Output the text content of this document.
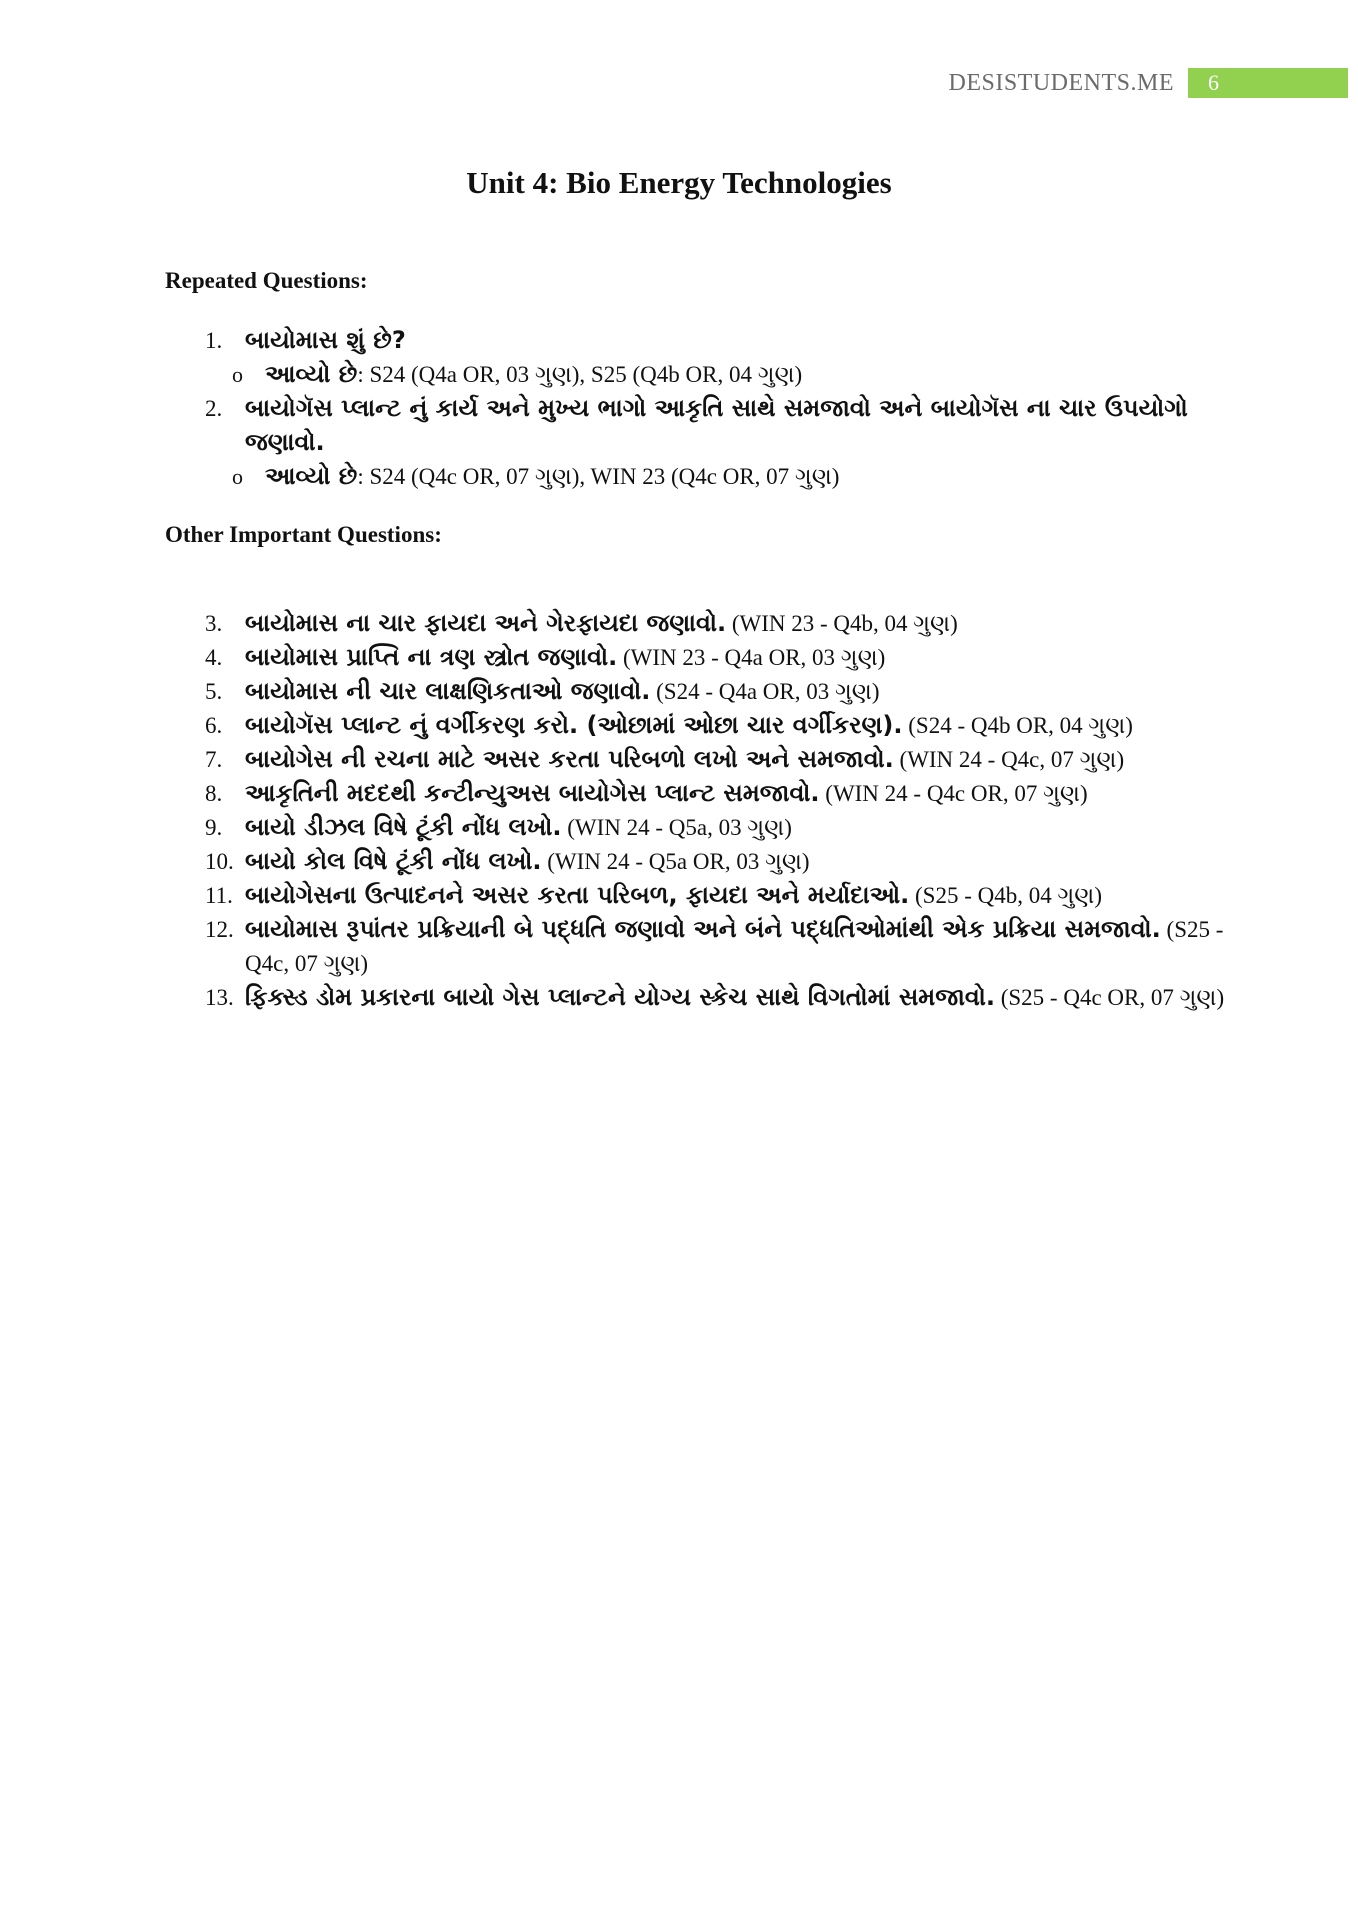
DESISTUDENTS.ME	6
Unit 4: Bio Energy Technologies
Repeated Questions:
1. બાયોમાસ શું છે?
o આવ્યો છે: S24 (Q4a OR, 03 ગુણ), S25 (Q4b OR, 04 ગુણ)
2. બાયોગૅસ પ્લાન્ટ નું કાર્ય અને મુખ્ય ભાગો આકૃતિ સાથે સમજાવો અને બાયોગૅસ ના ચાર ઉપયોગો જણાવો.
o આવ્યો છે: S24 (Q4c OR, 07 ગુણ), WIN 23 (Q4c OR, 07 ગુણ)
Other Important Questions:
3. બાયોમાસ ના ચાર ફાયદા અને ગેરફાયદા જણાવો. (WIN 23 - Q4b, 04 ગુણ)
4. બાયોમાસ પ્રાપ્તિ ના ત્રણ સ્ત્રોત જણાવો. (WIN 23 - Q4a OR, 03 ગુણ)
5. બાયોમાસ ની ચાર લાક્ષણિકતાઓ જણાવો. (S24 - Q4a OR, 03 ગુણ)
6. બાયોગૅસ પ્લાન્ટ નું વર્ગીકરણ કરો. (ઓછામાં ઓછા ચાર વર્ગીકરણ). (S24 - Q4b OR, 04 ગુણ)
7. બાયોગેસ ની રચના માટે અસર કરતા પરિબળો લખો અને સમજાવો. (WIN 24 - Q4c, 07 ગુણ)
8. આકૃતિની મદદથી કન્ટીન્યુઅસ બાયોગેસ પ્લાન્ટ સમજાવો. (WIN 24 - Q4c OR, 07 ગુણ)
9. બાયો ડીઝલ વિષે ટૂંકી નોંધ લખો. (WIN 24 - Q5a, 03 ગુણ)
10. બાયો કોલ વિષે ટૂંકી નોંધ લખો. (WIN 24 - Q5a OR, 03 ગુણ)
11. બાયોગેસના ઉત્પાદનને અસર કરતા પરિબળ, ફાયદા અને મર્યાદાઓ. (S25 - Q4b, 04 ગુણ)
12. બાયોમાસ રૂપાંતર પ્રક્રિયાની બે પદ્ધતિ જણાવો અને બંને પદ્ધતિઓમાંથી એક પ્રક્રિયા સમજાવો. (S25 - Q4c, 07 ગુણ)
13. ફિક્સ્ડ ડોમ પ્રકારના બાયો ગેસ પ્લાન્ટને યોગ્ય સ્કેચ સાથે વિગતોમાં સમજાવો. (S25 - Q4c OR, 07 ગુણ)
